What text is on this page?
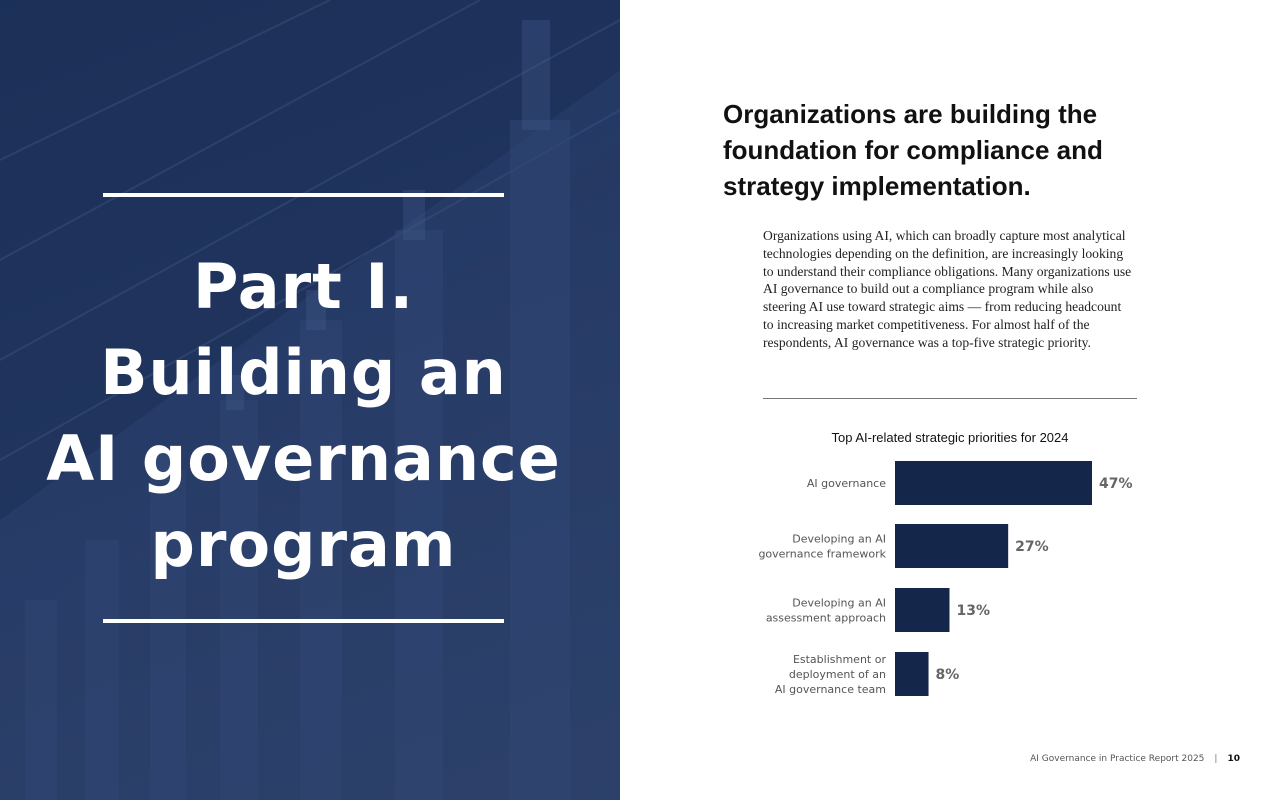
Part I.
Building an
AI governance
program
Organizations are building the foundation for compliance and strategy implementation.

Organizations using AI, which can broadly capture most analytical technologies depending on the definition, are increasingly looking to understand their compliance obligations. Many organizations use AI governance to build out a compliance program while also steering AI use toward strategic aims — from reducing headcount to increasing market competitiveness. For almost half of the respondents, AI governance was a top-five strategic priority.

Top AI-related strategic priorities for 2024
47%
AI governance
27%
Developing an AI governance framework
13%
Developing an AI assessment approach
8%
Establishment or deployment of an AI governance team
AI Governance in Practice Report 2025 | 10
